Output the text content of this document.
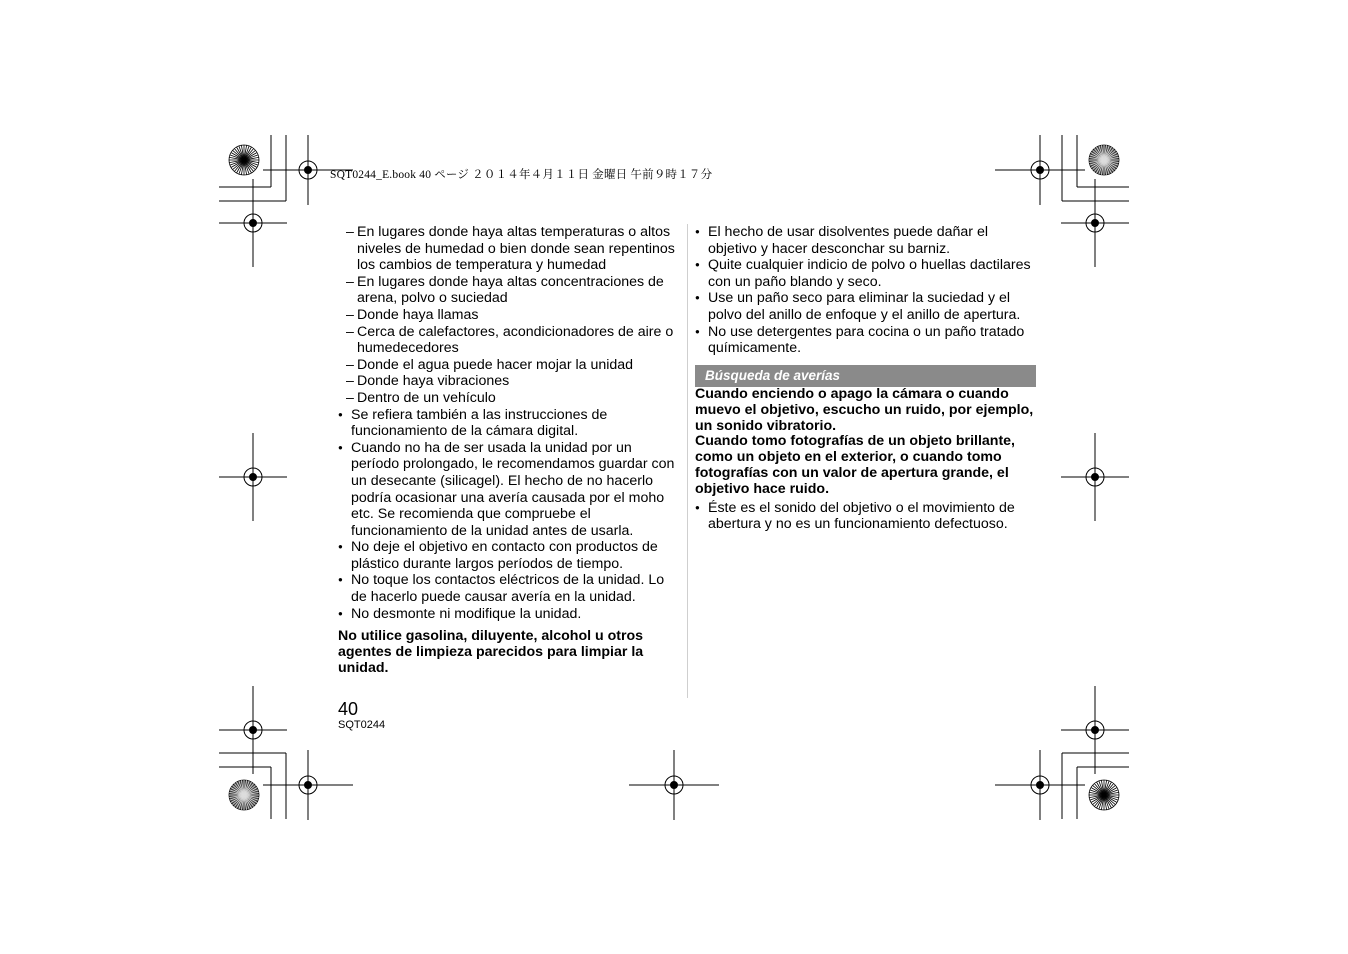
SQT0244_E.book 40 ページ ２０１４年４月１１日 金曜日 午前９時１７分
– En lugares donde haya altas temperaturas o altos niveles de humedad o bien donde sean repentinos los cambios de temperatura y humedad
– En lugares donde haya altas concentraciones de arena, polvo o suciedad
– Donde haya llamas
– Cerca de calefactores, acondicionadores de aire o humedecedores
– Donde el agua puede hacer mojar la unidad
– Donde haya vibraciones
– Dentro de un vehículo
● Se refiera también a las instrucciones de funcionamiento de la cámara digital.
● Cuando no ha de ser usada la unidad por un período prolongado, le recomendamos guardar con un desecante (silicagel). El hecho de no hacerlo podría ocasionar una avería causada por el moho etc. Se recomienda que compruebe el funcionamiento de la unidad antes de usarla.
● No deje el objetivo en contacto con productos de plástico durante largos períodos de tiempo.
● No toque los contactos eléctricos de la unidad. Lo de hacerlo puede causar avería en la unidad.
● No desmonte ni modifique la unidad.
No utilice gasolina, diluyente, alcohol u otros agentes de limpieza parecidos para limpiar la unidad.
● El hecho de usar disolventes puede dañar el objetivo y hacer desconchar su barniz.
● Quite cualquier indicio de polvo o huellas dactilares con un paño blando y seco.
● Use un paño seco para eliminar la suciedad y el polvo del anillo de enfoque y el anillo de apertura.
● No use detergentes para cocina o un paño tratado químicamente.
Búsqueda de averías
Cuando enciendo o apago la cámara o cuando muevo el objetivo, escucho un ruido, por ejemplo, un sonido vibratorio.
Cuando tomo fotografías de un objeto brillante, como un objeto en el exterior, o cuando tomo fotografías con un valor de apertura grande, el objetivo hace ruido.
● Éste es el sonido del objetivo o el movimiento de abertura y no es un funcionamiento defectuoso.
40
SQT0244
